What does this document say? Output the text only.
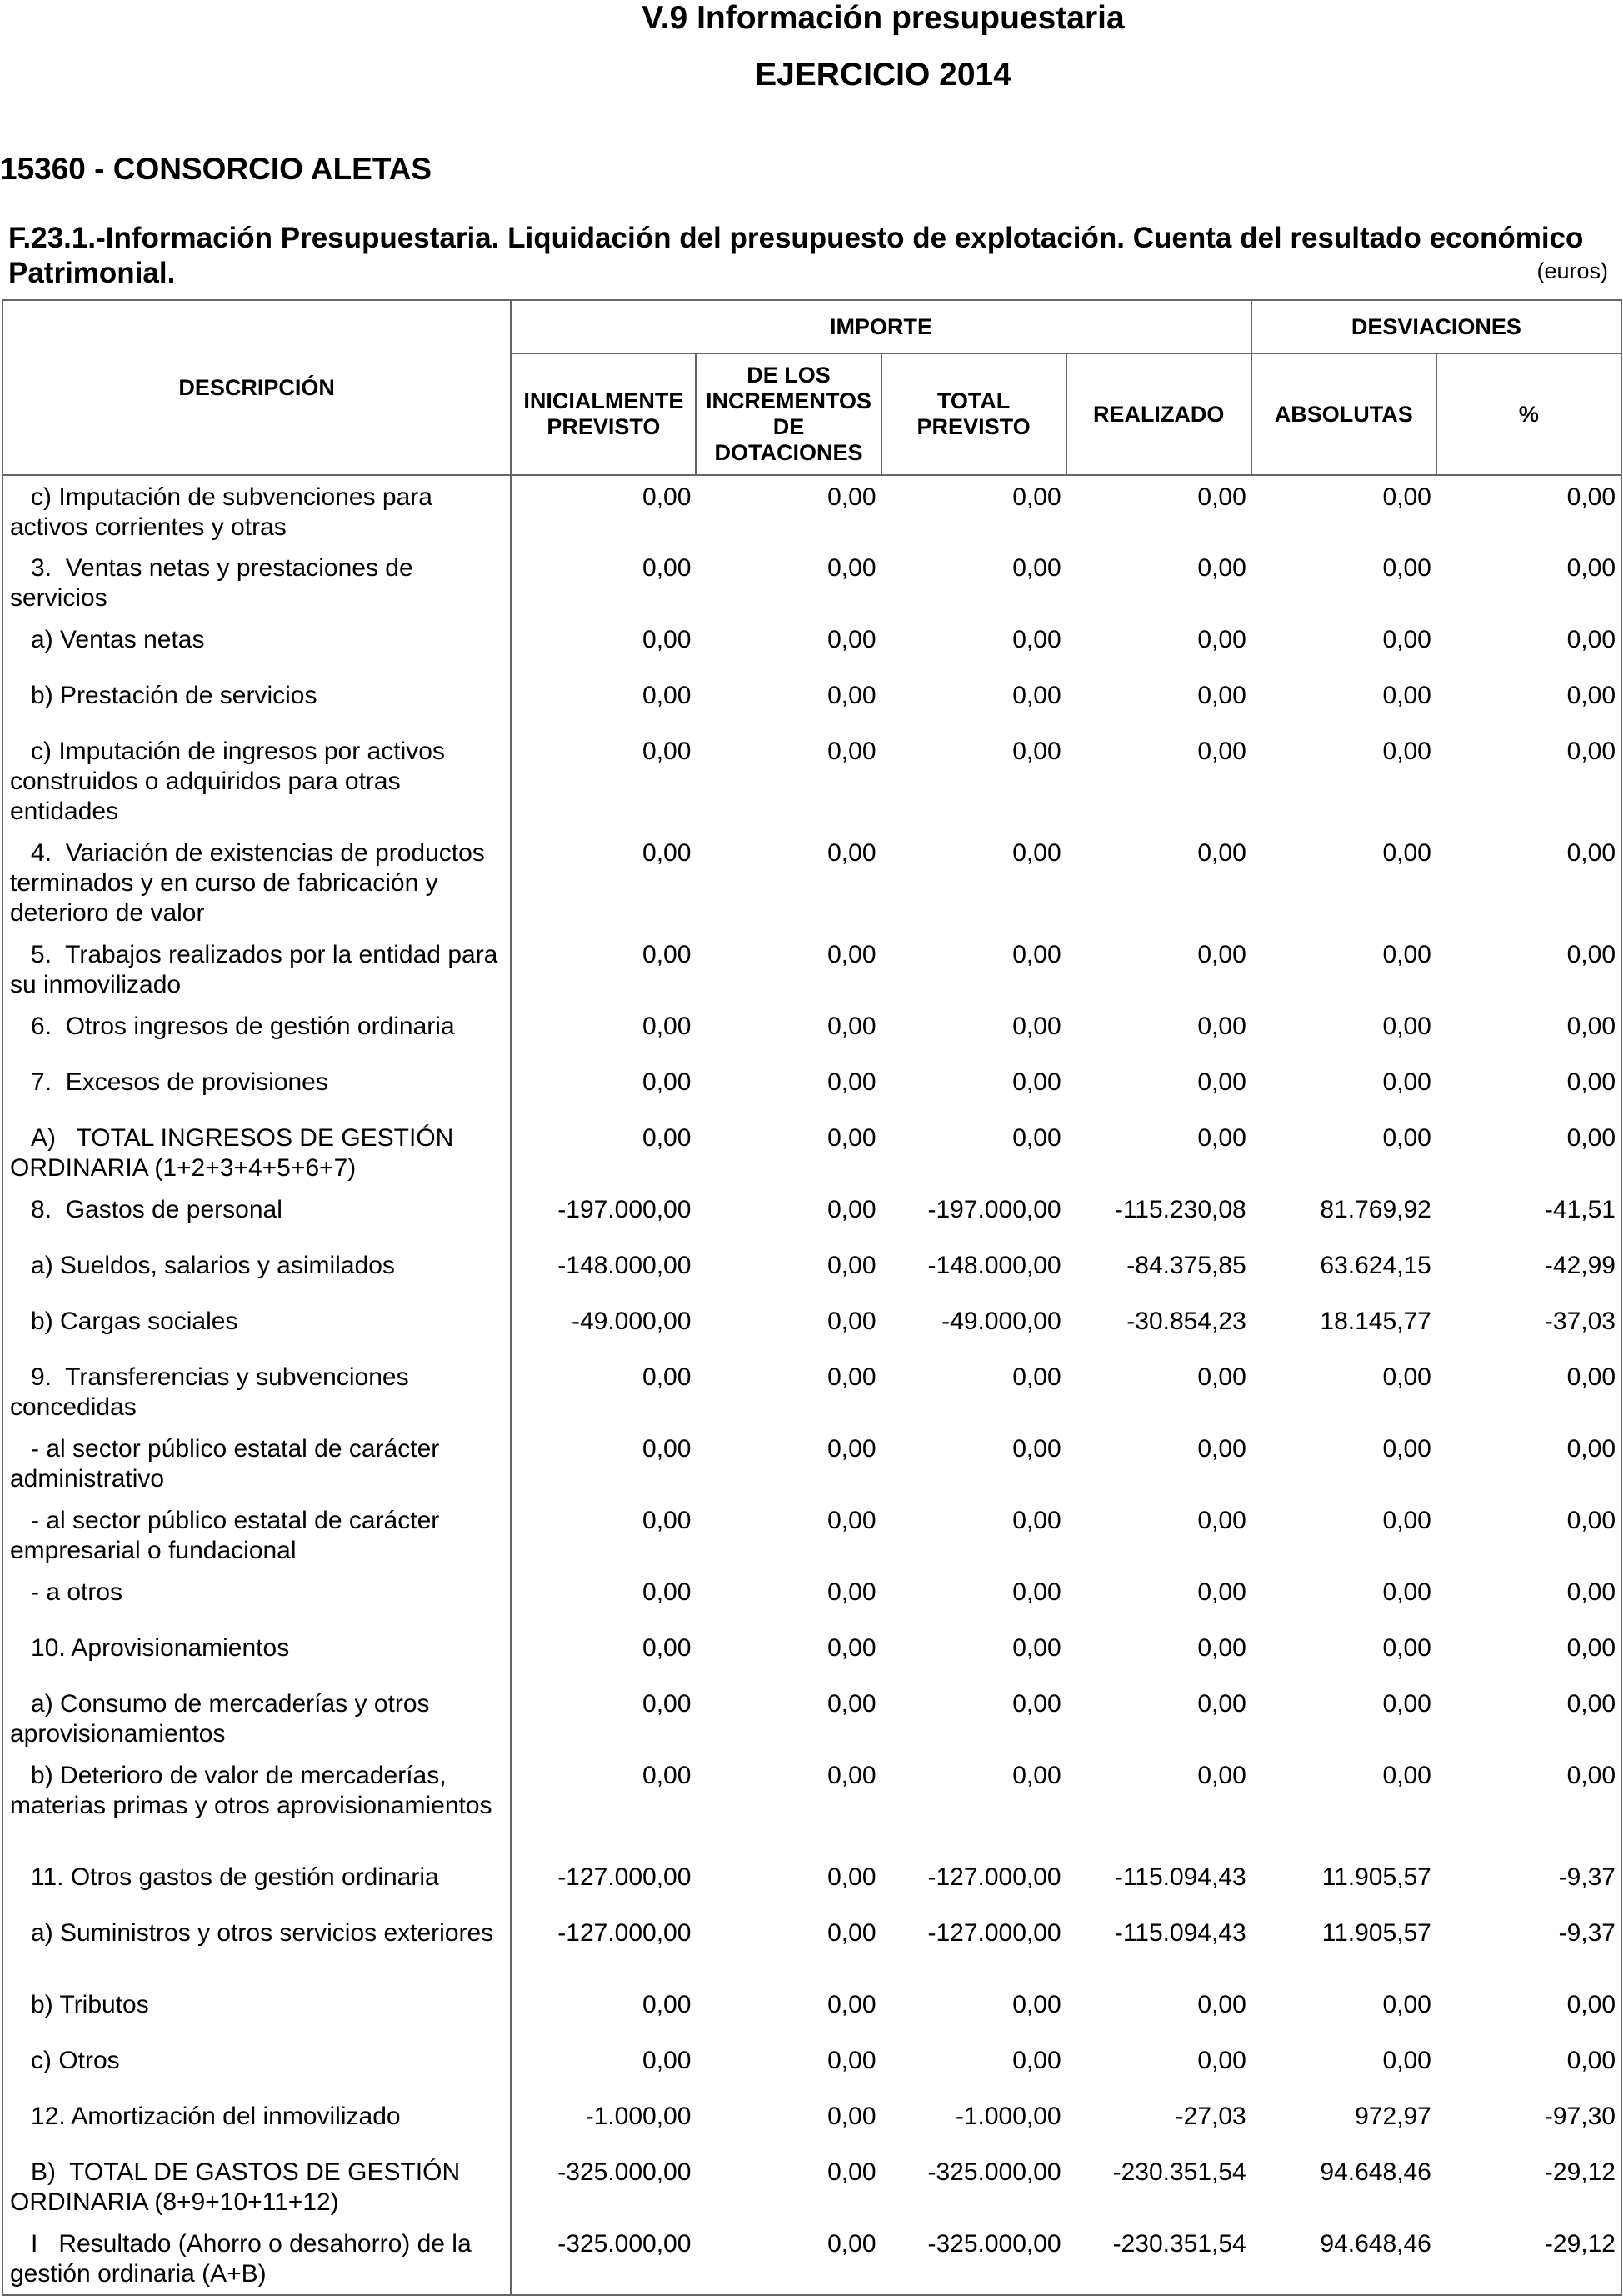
V.9 Información presupuestaria
EJERCICIO 2014
15360 - CONSORCIO ALETAS
F.23.1.-Información Presupuestaria. Liquidación del presupuesto de explotación. Cuenta del resultado económico Patrimonial.	(euros)
DESCRIPCIÓN	IMPORTE				DESVIACIONES	
	INICIALMENTE PREVISTO	DE LOS INCREMENTOS DE DOTACIONES	TOTAL PREVISTO	REALIZADO	ABSOLUTAS	%
c) Imputación de subvenciones para activos corrientes y otras	0,00	0,00	0,00	0,00	0,00	0,00
3.  Ventas netas y prestaciones de servicios	0,00	0,00	0,00	0,00	0,00	0,00
a) Ventas netas	0,00	0,00	0,00	0,00	0,00	0,00
b) Prestación de servicios	0,00	0,00	0,00	0,00	0,00	0,00
c) Imputación de ingresos por activos construidos o adquiridos para otras entidades	0,00	0,00	0,00	0,00	0,00	0,00
4.  Variación de existencias de productos terminados y en curso de fabricación y deterioro de valor	0,00	0,00	0,00	0,00	0,00	0,00
5.  Trabajos realizados por la entidad para su inmovilizado	0,00	0,00	0,00	0,00	0,00	0,00
6.  Otros ingresos de gestión ordinaria	0,00	0,00	0,00	0,00	0,00	0,00
7.  Excesos de provisiones	0,00	0,00	0,00	0,00	0,00	0,00
A)   TOTAL INGRESOS DE GESTIÓN ORDINARIA (1+2+3+4+5+6+7)	0,00	0,00	0,00	0,00	0,00	0,00
8.  Gastos de personal	-197.000,00	0,00	-197.000,00	-115.230,08	81.769,92	-41,51
a) Sueldos, salarios y asimilados	-148.000,00	0,00	-148.000,00	-84.375,85	63.624,15	-42,99
b) Cargas sociales	-49.000,00	0,00	-49.000,00	-30.854,23	18.145,77	-37,03
9.  Transferencias y subvenciones concedidas	0,00	0,00	0,00	0,00	0,00	0,00
- al sector público estatal de carácter administrativo	0,00	0,00	0,00	0,00	0,00	0,00
- al sector público estatal de carácter empresarial o fundacional	0,00	0,00	0,00	0,00	0,00	0,00
- a otros	0,00	0,00	0,00	0,00	0,00	0,00
10. Aprovisionamientos	0,00	0,00	0,00	0,00	0,00	0,00
a) Consumo de mercaderías y otros aprovisionamientos	0,00	0,00	0,00	0,00	0,00	0,00
b) Deterioro de valor de mercaderías, materias primas y otros aprovisionamientos	0,00	0,00	0,00	0,00	0,00	0,00
11. Otros gastos de gestión ordinaria	-127.000,00	0,00	-127.000,00	-115.094,43	11.905,57	-9,37
a) Suministros y otros servicios exteriores	-127.000,00	0,00	-127.000,00	-115.094,43	11.905,57	-9,37
b) Tributos	0,00	0,00	0,00	0,00	0,00	0,00
c) Otros	0,00	0,00	0,00	0,00	0,00	0,00
12. Amortización del inmovilizado	-1.000,00	0,00	-1.000,00	-27,03	972,97	-97,30
B)  TOTAL DE GASTOS DE GESTIÓN ORDINARIA (8+9+10+11+12)	-325.000,00	0,00	-325.000,00	-230.351,54	94.648,46	-29,12
I   Resultado (Ahorro o desahorro) de la gestión ordinaria (A+B)	-325.000,00	0,00	-325.000,00	-230.351,54	94.648,46	-29,12
